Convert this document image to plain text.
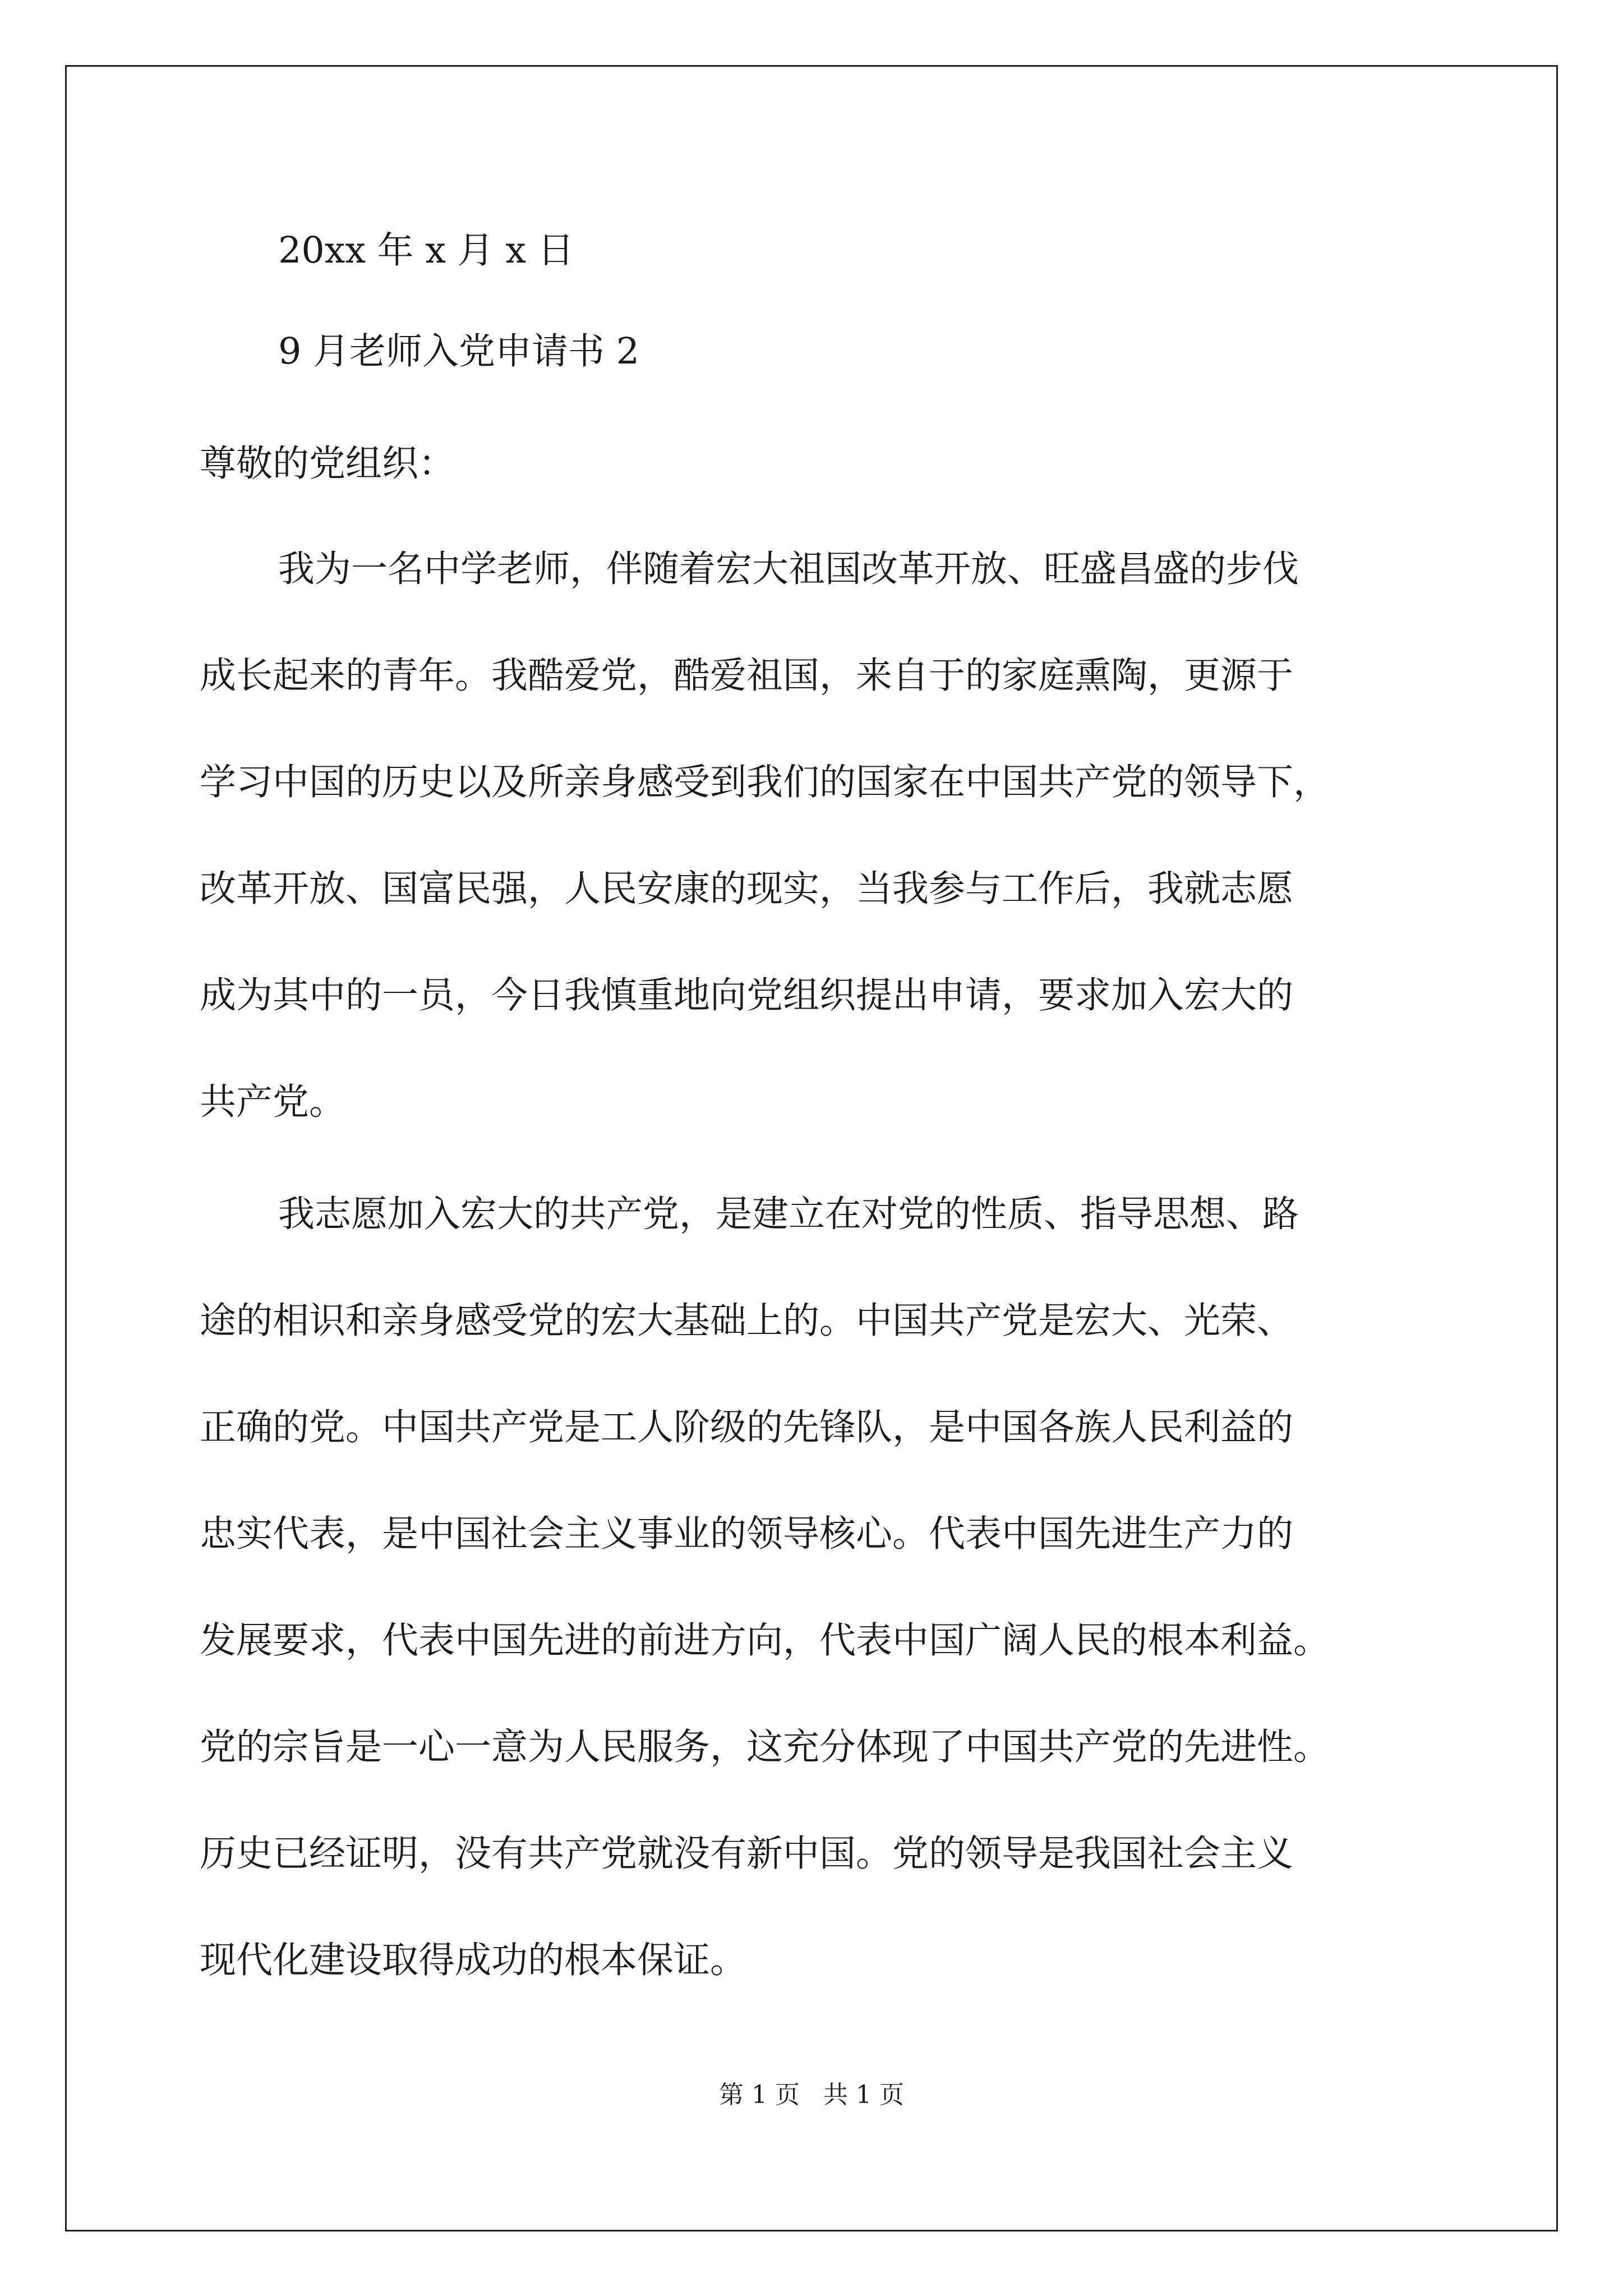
20xx 年 x 月 x 日
9 月老师入党申请书 2
尊敬的党组织：
我为一名中学老师，伴随着宏大祖国改革开放、旺盛昌盛的步伐
成长起来的青年。我酷爱党，酷爱祖国，来自于的家庭熏陶，更源于
学习中国的历史以及所亲身感受到我们的国家在中国共产党的领导下，
改革开放、国富民强，人民安康的现实，当我参与工作后，我就志愿
成为其中的一员，今日我慎重地向党组织提出申请，要求加入宏大的
共产党。
我志愿加入宏大的共产党，是建立在对党的性质、指导思想、路
途的相识和亲身感受党的宏大基础上的。中国共产党是宏大、光荣、
正确的党。中国共产党是工人阶级的先锋队，是中国各族人民利益的
忠实代表，是中国社会主义事业的领导核心。代表中国先进生产力的
发展要求，代表中国先进的前进方向，代表中国广阔人民的根本利益。
党的宗旨是一心一意为人民服务，这充分体现了中国共产党的先进性。
历史已经证明，没有共产党就没有新中国。党的领导是我国社会主义
现代化建设取得成功的根本保证。
第 1 页   共 1 页
